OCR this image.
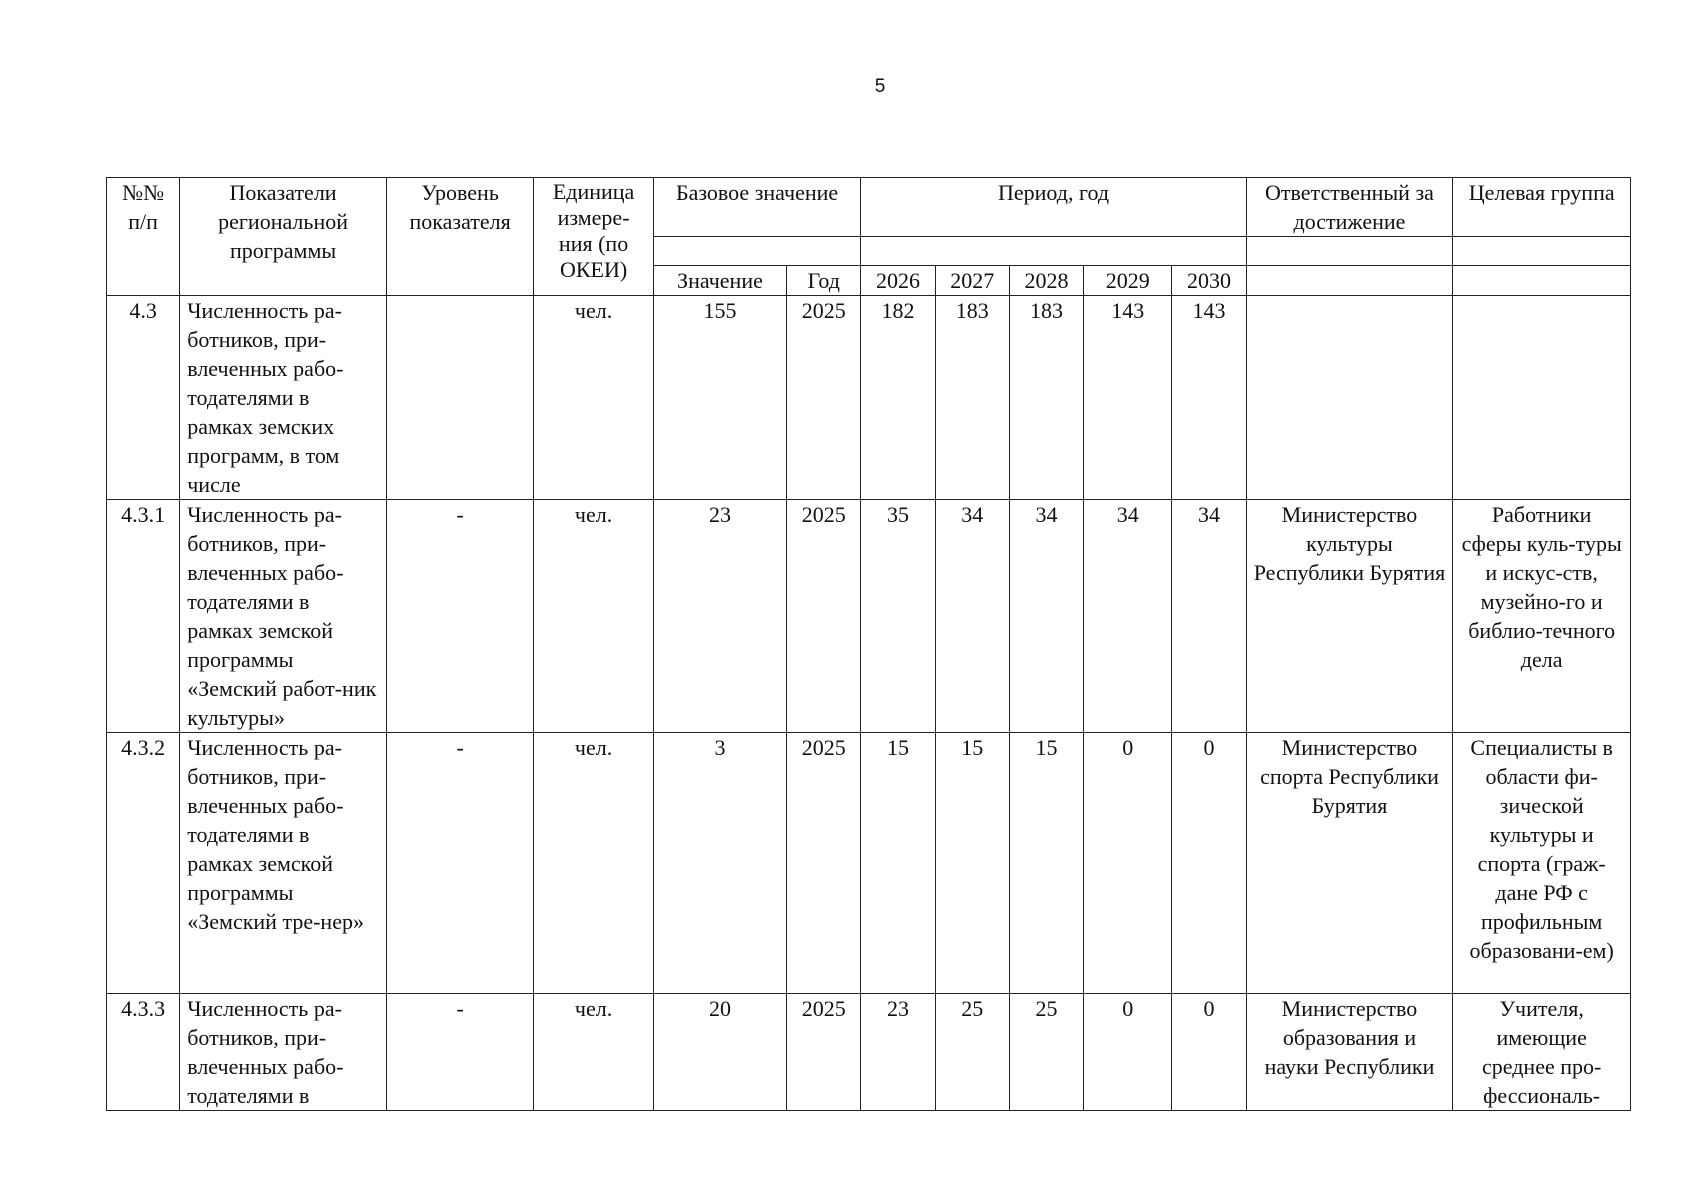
5
№№ п/п	Показатели региональной программы	Уровень показателя	Единица измере-ния (по ОКЕИ)	Базовое значение		Период, год					Ответственный за достижение	Целевая группа

				Значение	Год	2026	2027	2028	2029	2030		
4.3	Численность ра-ботников, при-влеченных рабо-тодателями в рамках земских программ, в том числе		чел.	155	2025	182	183	183	143	143		
4.3.1	Численность ра-ботников, при-влеченных рабо-тодателями в рамках земской программы «Земский работ-ник культуры»	-	чел.	23	2025	35	34	34	34	34	Министерство культуры Республики Бурятия	Работники сферы куль-туры и искус-ств, музейно-го и библио-течного дела
4.3.2	Численность ра-ботников, при-влеченных рабо-тодателями в рамках земской программы «Земский тре-нер»	-	чел.	3	2025	15	15	15	0	0	Министерство спорта Республики Бурятия	Специалисты в области фи-зической культуры и спорта (граж-дане РФ с профильным образовани-ем)
4.3.3	Численность ра-ботников, при-влеченных рабо-тодателями в	-	чел.	20	2025	23	25	25	0	0	Министерство образования и науки Республики	Учителя, имеющие среднее про-фессиональ-
